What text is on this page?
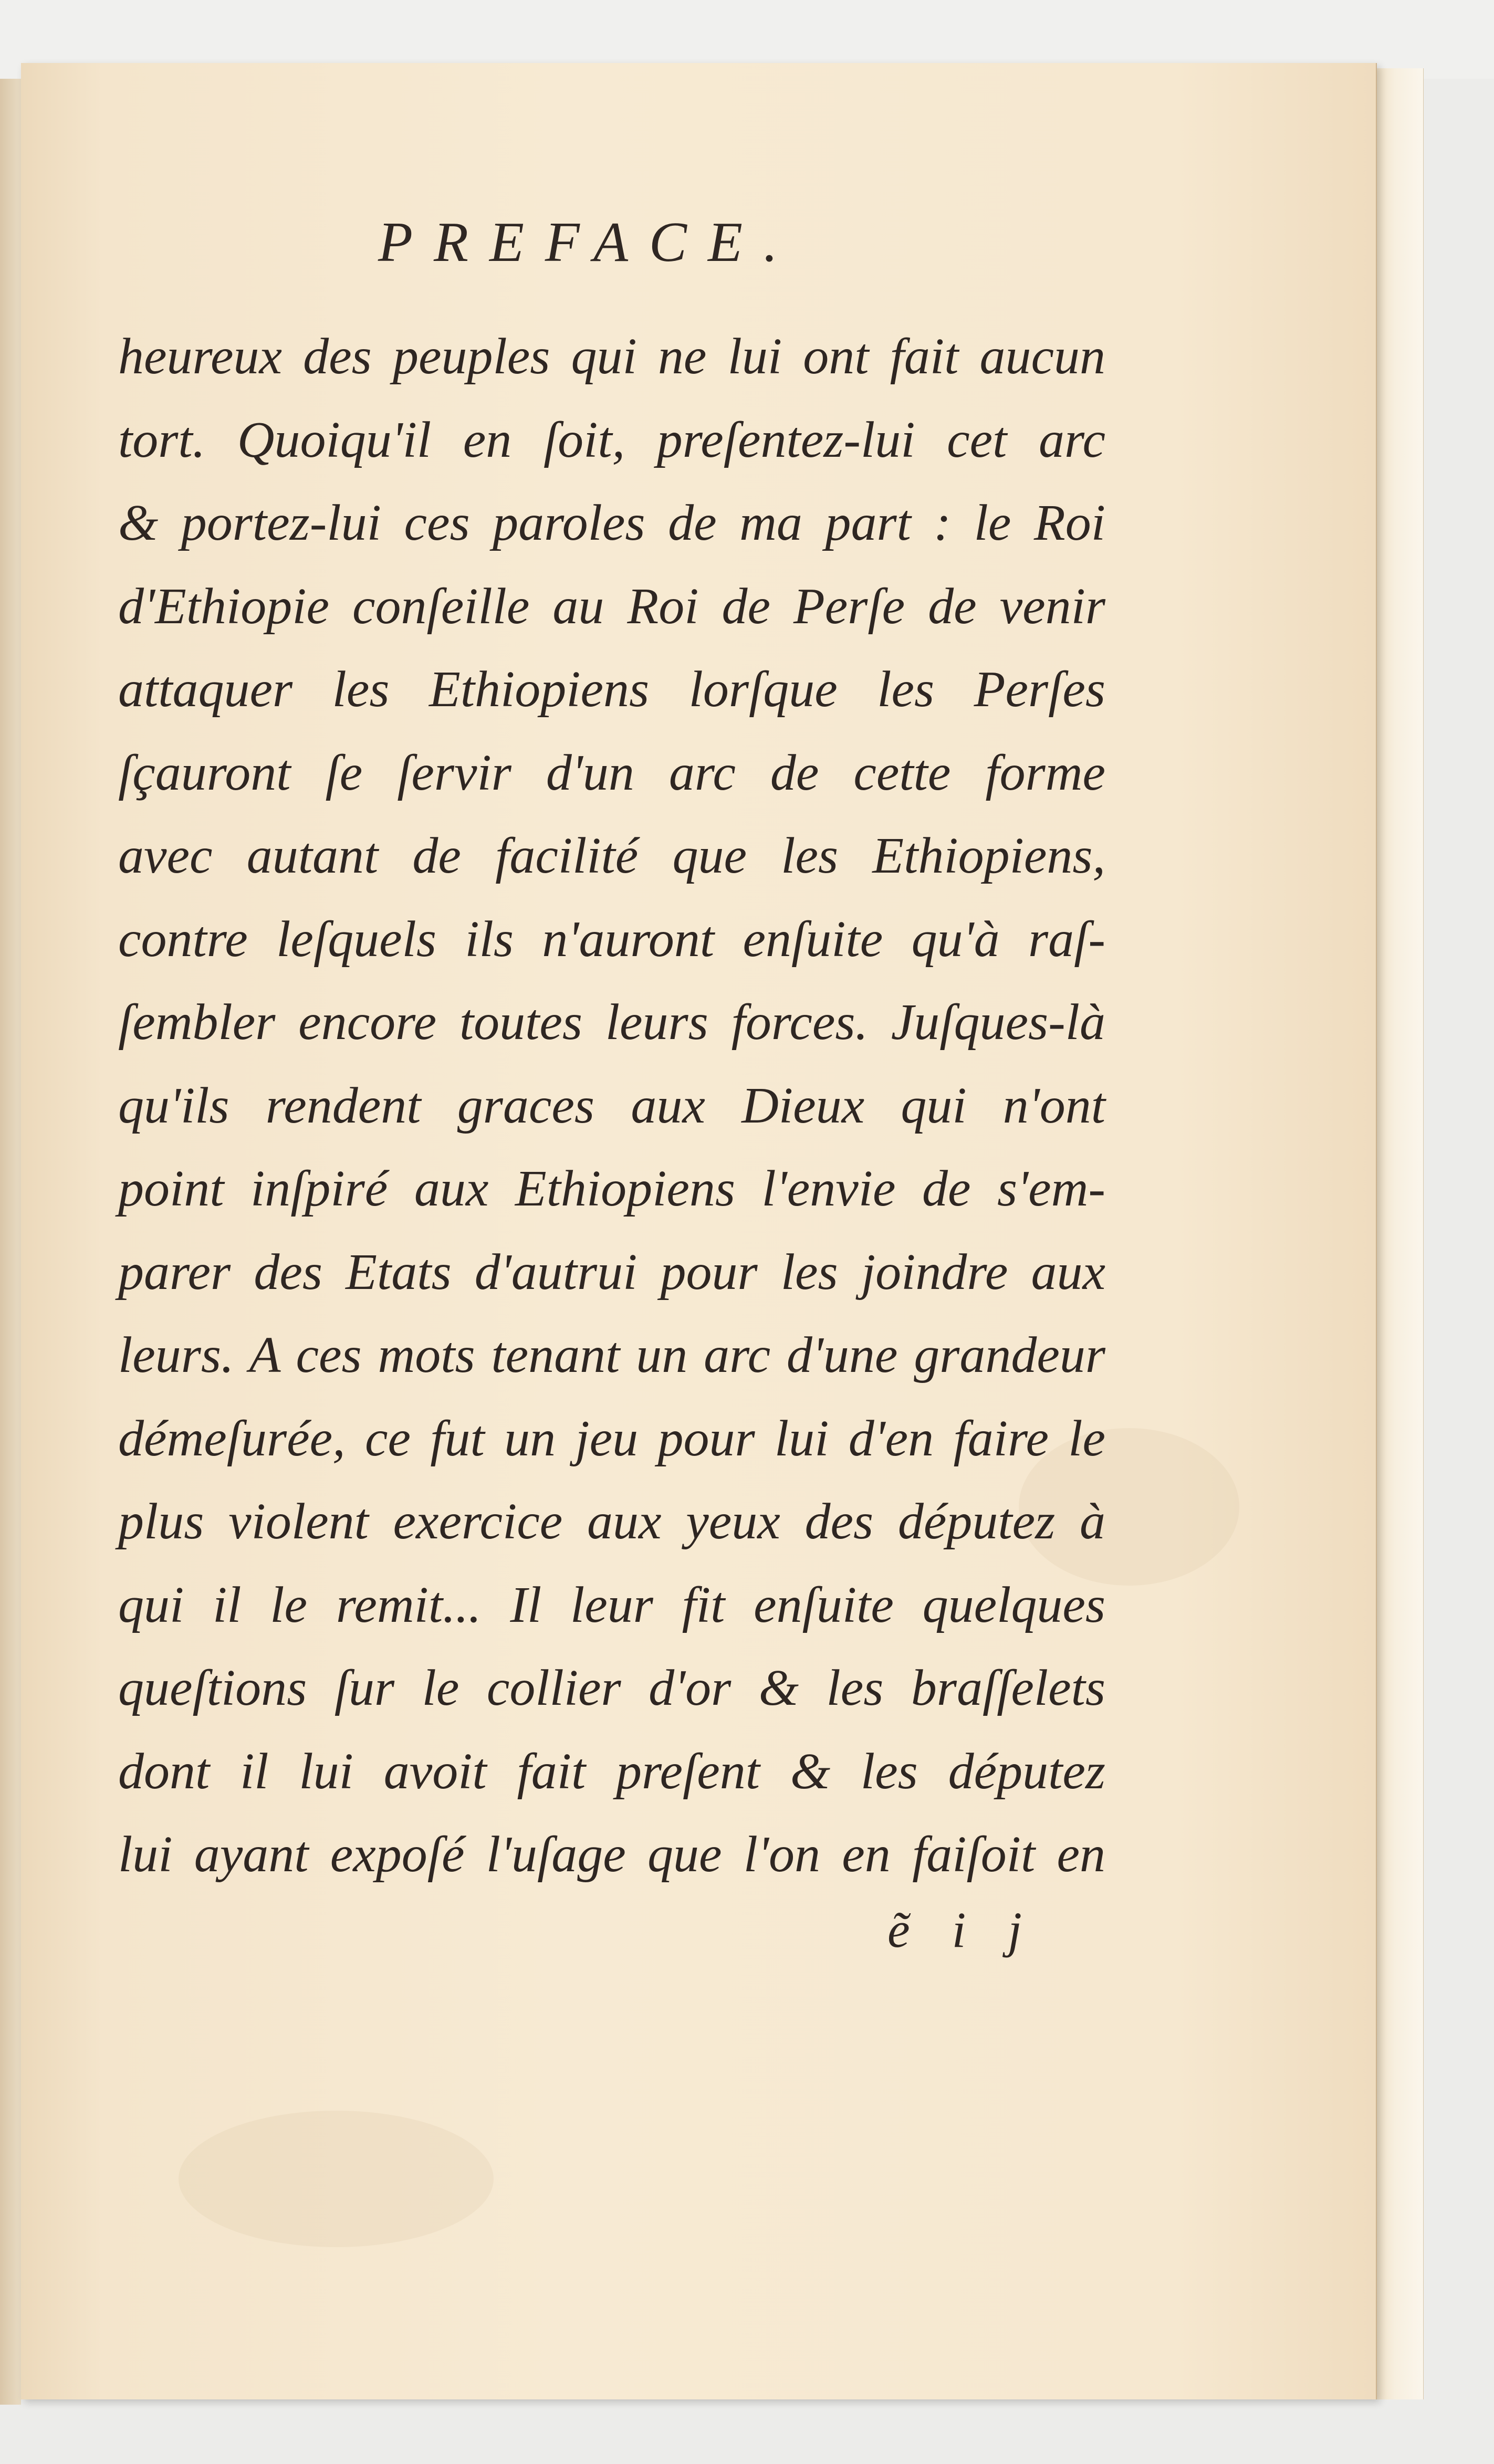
PREFACE.
heureux des peuples qui ne lui ont fait aucun
tort. Quoiqu'il en ſoit, preſentez-lui cet arc
& portez-lui ces paroles de ma part : le Roi
d'Ethiopie conſeille au Roi de Perſe de venir
attaquer les Ethiopiens lorſque les Perſes
ſçauront ſe ſervir d'un arc de cette forme
avec autant de facilité que les Ethiopiens,
contre leſquels ils n'auront enſuite qu'à raſ-
ſembler encore toutes leurs forces. Juſques-là
qu'ils rendent graces aux Dieux qui n'ont
point inſpiré aux Ethiopiens l'envie de s'em-
parer des Etats d'autrui pour les joindre aux
leurs. A ces mots tenant un arc d'une grandeur
démeſurée, ce fut un jeu pour lui d'en faire le
plus violent exercice aux yeux des députez à
qui il le remit... Il leur fit enſuite quelques
queſtions ſur le collier d'or & les braſſelets
dont il lui avoit fait preſent & les députez
lui ayant expoſé l'uſage que l'on en faiſoit en
ẽ i j
